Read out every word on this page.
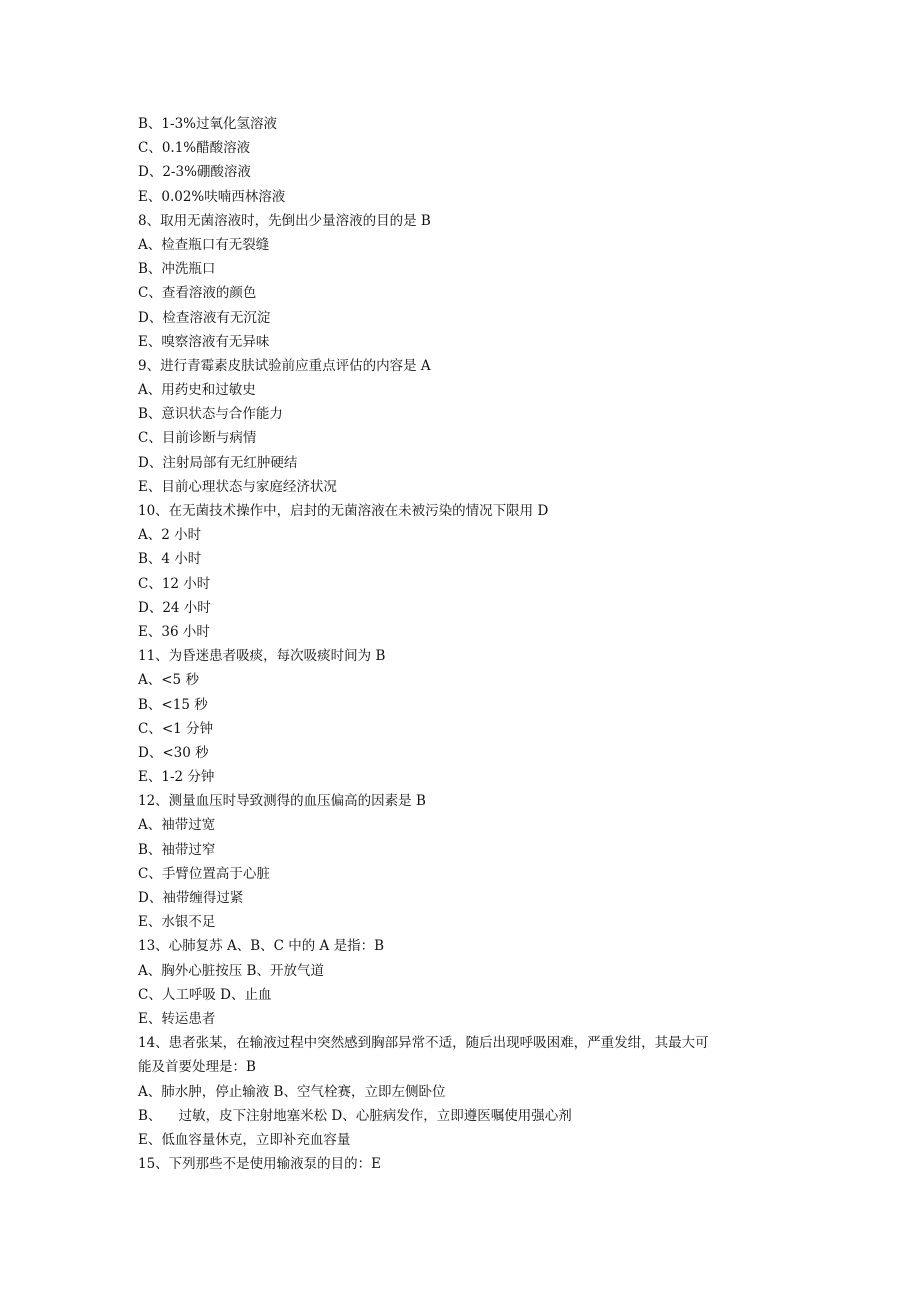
B、1-3%过氧化氢溶液
C、0.1%醋酸溶液
D、2-3%硼酸溶液
E、0.02%呋喃西林溶液
8、取用无菌溶液时，先倒出少量溶液的目的是 B
A、检查瓶口有无裂缝
B、冲洗瓶口
C、查看溶液的颜色
D、检查溶液有无沉淀
E、嗅察溶液有无异味
9、进行青霉素皮肤试验前应重点评估的内容是 A
A、用药史和过敏史
B、意识状态与合作能力
C、目前诊断与病情
D、注射局部有无红肿硬结
E、目前心理状态与家庭经济状况
10、在无菌技术操作中，启封的无菌溶液在未被污染的情况下限用 D
A、2 小时
B、4 小时
C、12 小时
D、24 小时
E、36 小时
11、为昏迷患者吸痰，每次吸痰时间为 B
A、<5 秒
B、<15 秒
C、<1 分钟
D、<30 秒
E、1-2 分钟
12、测量血压时导致测得的血压偏高的因素是 B
A、袖带过宽
B、袖带过窄
C、手臂位置高于心脏
D、袖带缠得过紧
E、水银不足
13、心肺复苏 A、B、C 中的 A 是指：B
A、胸外心脏按压 B、开放气道
C、人工呼吸 D、止血
E、转运患者
14、患者张某，在输液过程中突然感到胸部异常不适，随后出现呼吸困难，严重发绀，其最大可
能及首要处理是：B
A、肺水肿，停止输液 B、空气栓赛，立即左侧卧位
B、    过敏，皮下注射地塞米松 D、心脏病发作，立即遵医嘱使用强心剂
E、低血容量休克，立即补充血容量
15、下列那些不是使用输液泵的目的：E
